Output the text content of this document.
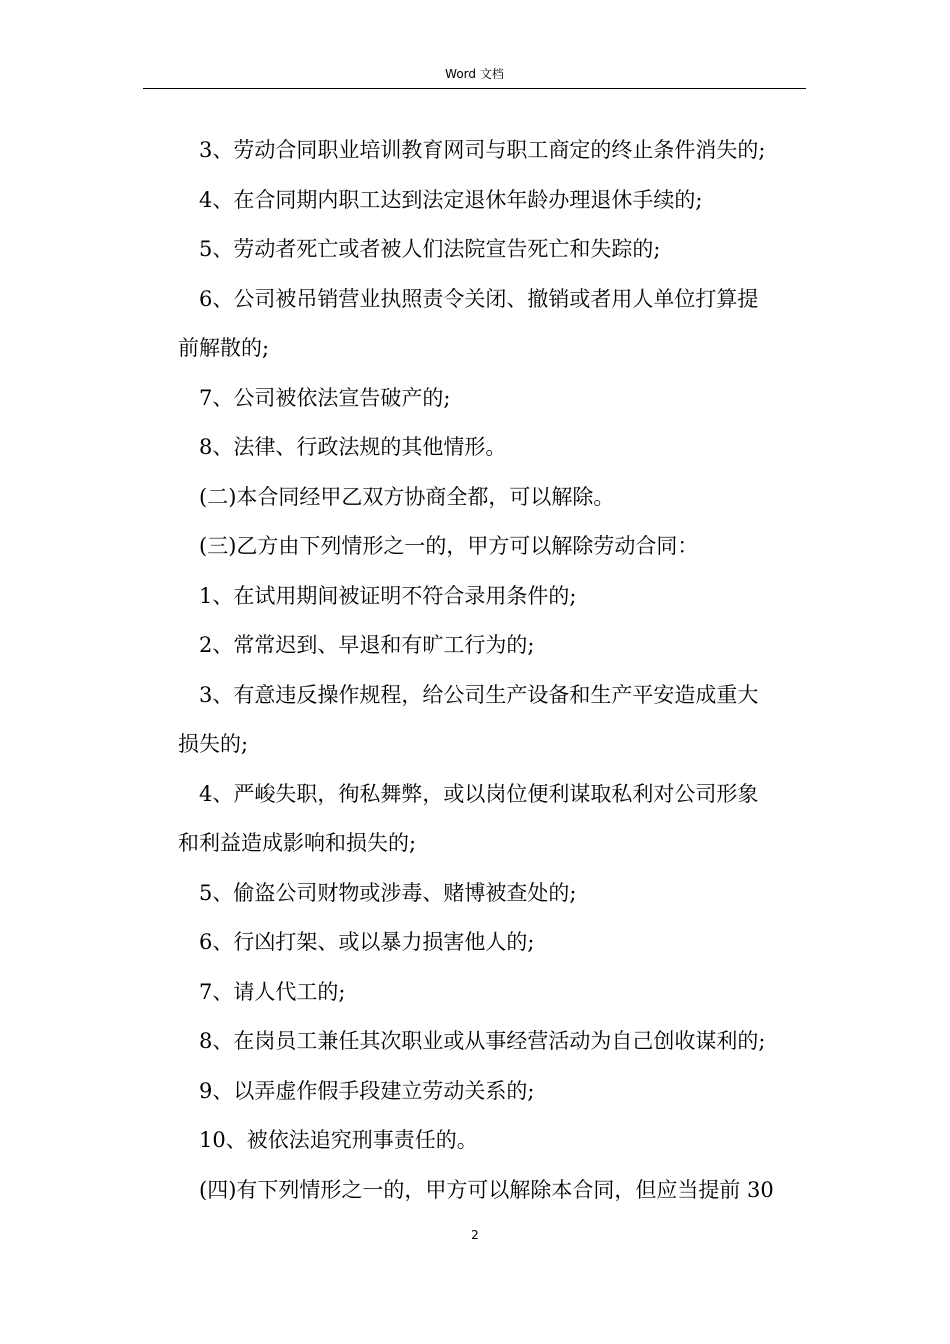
Word 文档
3、劳动合同职业培训教育网司与职工商定的终止条件消失的;
4、在合同期内职工达到法定退休年龄办理退休手续的;
5、劳动者死亡或者被人们法院宣告死亡和失踪的;
6、公司被吊销营业执照责令关闭、撤销或者用人单位打算提
前解散的;
7、公司被依法宣告破产的;
8、法律、行政法规的其他情形。
(二)本合同经甲乙双方协商全都，可以解除。
(三)乙方由下列情形之一的，甲方可以解除劳动合同：
1、在试用期间被证明不符合录用条件的;
2、常常迟到、早退和有旷工行为的;
3、有意违反操作规程，给公司生产设备和生产平安造成重大
损失的;
4、严峻失职，徇私舞弊，或以岗位便利谋取私利对公司形象
和利益造成影响和损失的;
5、偷盗公司财物或涉毒、赌博被查处的;
6、行凶打架、或以暴力损害他人的;
7、请人代工的;
8、在岗员工兼任其次职业或从事经营活动为自己创收谋利的;
9、以弄虚作假手段建立劳动关系的;
10、被依法追究刑事责任的。
(四)有下列情形之一的，甲方可以解除本合同，但应当提前 30
2
